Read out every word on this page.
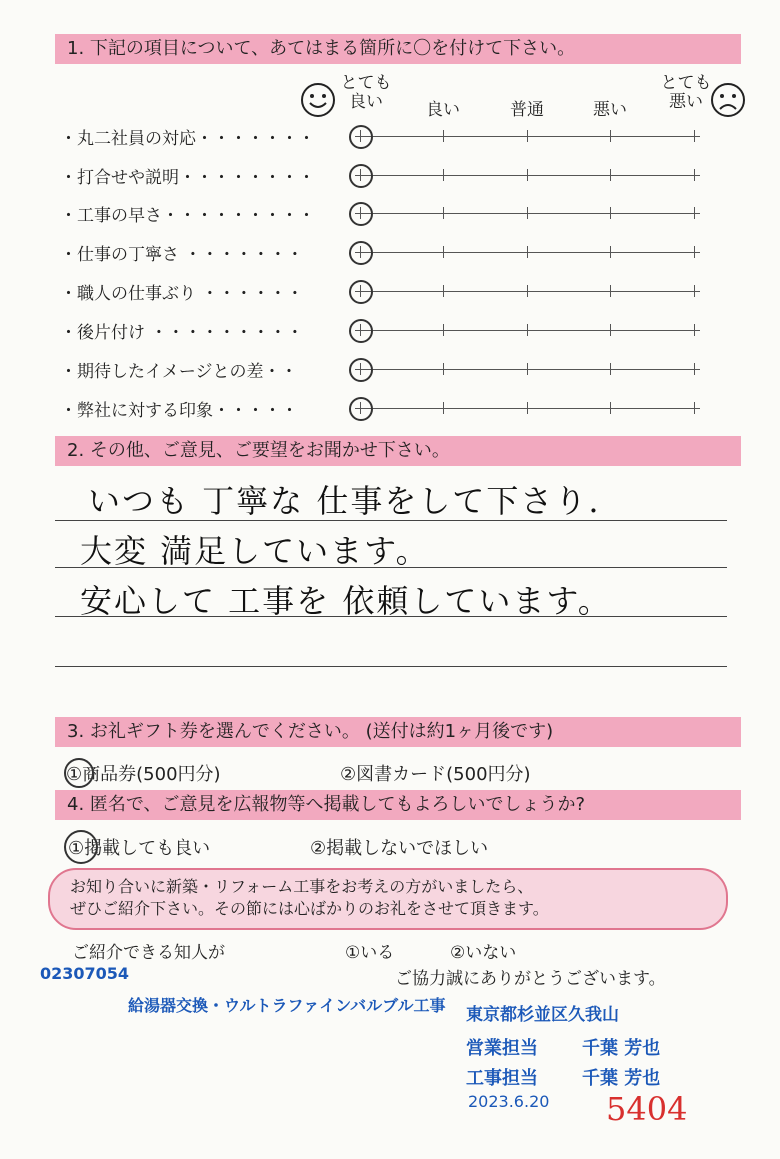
1. 下記の項目について、あてはまる箇所に〇を付けて下さい。
とても
良い	良い	普通	悪い
とても
悪い
・丸二社員の対応・・・・・・・
・打合せや説明・・・・・・・・
・工事の早さ・・・・・・・・・
・仕事の丁寧さ ・・・・・・・
・職人の仕事ぶり ・・・・・・
・後片付け ・・・・・・・・・
・期待したイメージとの差・・
・弊社に対する印象・・・・・
2. その他、ご意見、ご要望をお聞かせ下さい。
いつも 丁寧な 仕事をして下さり.
大変 満足しています。
安心して 工事を 依頼しています。
3. お礼ギフト券を選んでください。 (送付は約1ヶ月後です)
①商品券(500円分)	②図書カード(500円分)
4. 匿名で、ご意見を広報物等へ掲載してもよろしいでしょうか?
①掲載しても良い	②掲載しないでほしい
お知り合いに新築・リフォーム工事をお考えの方がいましたら、
ぜひご紹介下さい。その節には心ばかりのお礼をさせて頂きます。
ご紹介できる知人が	①いる	②いない
ご協力誠にありがとうございます。
02307054
給湯器交換・ウルトラファインバルブル工事 東京都杉並区久我山
営業担当 千葉 芳也
工事担当 千葉 芳也
2023.6.20 5404
